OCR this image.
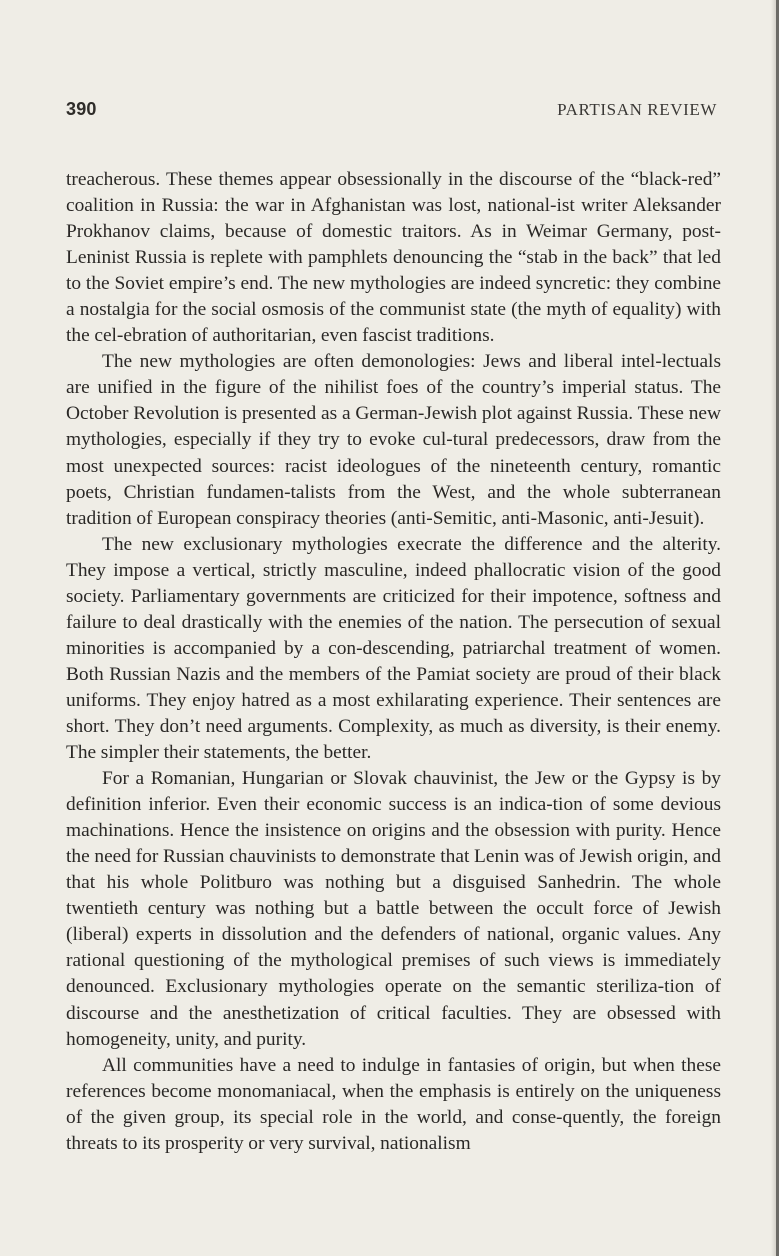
390	PARTISAN REVIEW

treacherous. These themes appear obsessionally in the discourse of the “black-red” coalition in Russia: the war in Afghanistan was lost, national-ist writer Aleksander Prokhanov claims, because of domestic traitors. As in Weimar Germany, post-Leninist Russia is replete with pamphlets denouncing the “stab in the back” that led to the Soviet empire’s end. The new mythologies are indeed syncretic: they combine a nostalgia for the social osmosis of the communist state (the myth of equality) with the cel-ebration of authoritarian, even fascist traditions.

The new mythologies are often demonologies: Jews and liberal intel-lectuals are unified in the figure of the nihilist foes of the country’s imperial status. The October Revolution is presented as a German-Jewish plot against Russia. These new mythologies, especially if they try to evoke cul-tural predecessors, draw from the most unexpected sources: racist ideologues of the nineteenth century, romantic poets, Christian fundamen-talists from the West, and the whole subterranean tradition of European conspiracy theories (anti-Semitic, anti-Masonic, anti-Jesuit).

The new exclusionary mythologies execrate the difference and the alterity. They impose a vertical, strictly masculine, indeed phallocratic vision of the good society. Parliamentary governments are criticized for their impotence, softness and failure to deal drastically with the enemies of the nation. The persecution of sexual minorities is accompanied by a con-descending, patriarchal treatment of women. Both Russian Nazis and the members of the Pamiat society are proud of their black uniforms. They enjoy hatred as a most exhilarating experience. Their sentences are short. They don’t need arguments. Complexity, as much as diversity, is their enemy. The simpler their statements, the better.

For a Romanian, Hungarian or Slovak chauvinist, the Jew or the Gypsy is by definition inferior. Even their economic success is an indica-tion of some devious machinations. Hence the insistence on origins and the obsession with purity. Hence the need for Russian chauvinists to demonstrate that Lenin was of Jewish origin, and that his whole Politburo was nothing but a disguised Sanhedrin. The whole twentieth century was nothing but a battle between the occult force of Jewish (liberal) experts in dissolution and the defenders of national, organic values. Any rational questioning of the mythological premises of such views is immediately denounced. Exclusionary mythologies operate on the semantic steriliza-tion of discourse and the anesthetization of critical faculties. They are obsessed with homogeneity, unity, and purity.

All communities have a need to indulge in fantasies of origin, but when these references become monomaniacal, when the emphasis is entirely on the uniqueness of the given group, its special role in the world, and conse-quently, the foreign threats to its prosperity or very survival, nationalism
